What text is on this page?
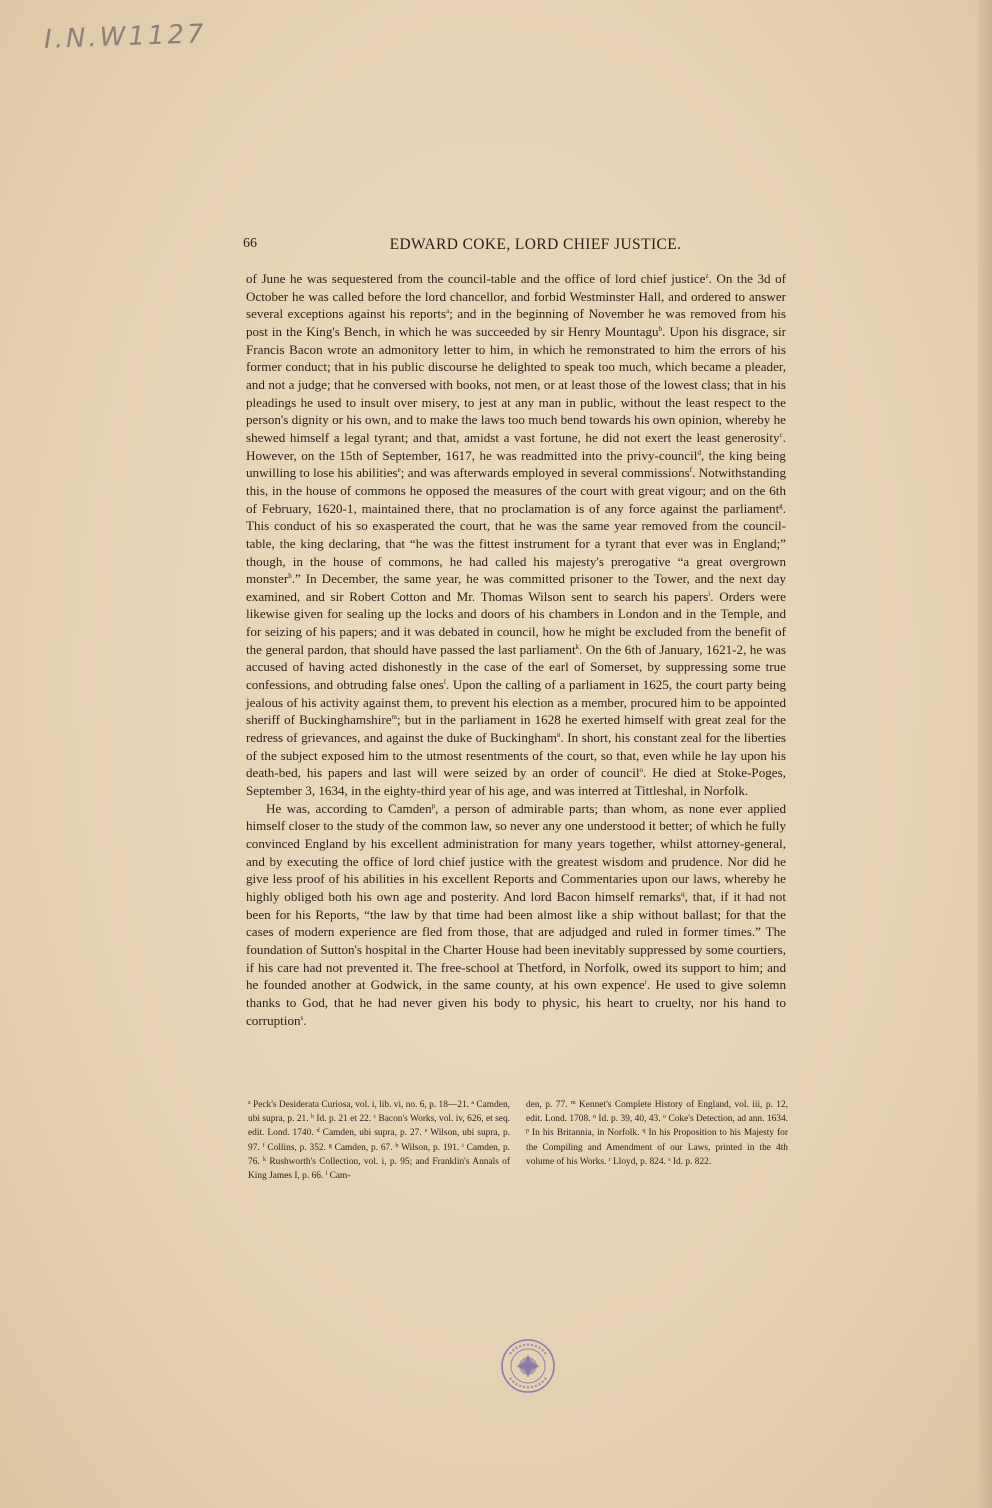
I.N.W1127
66	EDWARD COKE, LORD CHIEF JUSTICE.

of June he was sequestered from the council-table and the office of lord chief justice$^z$. On the 3d of October he was called before the lord chancellor, and forbid Westminster Hall, and ordered to answer several exceptions against his reports$^a$; and in the beginning of November he was removed from his post in the King's Bench, in which he was succeeded by sir Henry Mountagu$^b$. Upon his disgrace, sir Francis Bacon wrote an admonitory letter to him, in which he remonstrated to him the errors of his former conduct; that in his public discourse he delighted to speak too much, which became a pleader, and not a judge; that he conversed with books, not men, or at least those of the lowest class; that in his pleadings he used to insult over misery, to jest at any man in public, without the least respect to the person's dignity or his own, and to make the laws too much bend towards his own opinion, whereby he shewed himself a legal tyrant; and that, amidst a vast fortune, he did not exert the least generosity$^c$. However, on the 15th of September, 1617, he was readmitted into the privy-council$^d$, the king being unwilling to lose his abilities$^e$; and was afterwards employed in several commissions$^f$. Notwithstanding this, in the house of commons he opposed the measures of the court with great vigour; and on the 6th of February, 1620-1, maintained there, that no proclamation is of any force against the parliament$^g$. This conduct of his so exasperated the court, that he was the same year removed from the council-table, the king declaring, that “he was the fittest instrument for a tyrant that ever was in England;” though, in the house of commons, he had called his majesty's prerogative “a great overgrown monster$^h$.” In December, the same year, he was committed prisoner to the Tower, and the next day examined, and sir Robert Cotton and Mr. Thomas Wilson sent to search his papers$^i$. Orders were likewise given for sealing up the locks and doors of his chambers in London and in the Temple, and for seizing of his papers; and it was debated in council, how he might be excluded from the benefit of the general pardon, that should have passed the last parliament$^k$. On the 6th of January, 1621-2, he was accused of having acted dishonestly in the case of the earl of Somerset, by suppressing some true confessions, and obtruding false ones$^l$. Upon the calling of a parliament in 1625, the court party being jealous of his activity against them, to prevent his election as a member, procured him to be appointed sheriff of Buckinghamshire$^m$; but in the parliament in 1628 he exerted himself with great zeal for the redress of grievances, and against the duke of Buckingham$^n$. In short, his constant zeal for the liberties of the subject exposed him to the utmost resentments of the court, so that, even while he lay upon his death-bed, his papers and last will were seized by an order of council$^o$. He died at Stoke-Poges, September 3, 1634, in the eighty-third year of his age, and was interred at Tittleshal, in Norfolk.

He was, according to Camden$^p$, a person of admirable parts; than whom, as none ever applied himself closer to the study of the common law, so never any one understood it better; of which he fully convinced England by his excellent administration for many years together, whilst attorney-general, and by executing the office of lord chief justice with the greatest wisdom and prudence. Nor did he give less proof of his abilities in his excellent Reports and Commentaries upon our laws, whereby he highly obliged both his own age and posterity. And lord Bacon himself remarks$^q$, that, if it had not been for his Reports, “the law by that time had been almost like a ship without ballast; for that the cases of modern experience are fled from those, that are adjudged and ruled in former times.” The foundation of Sutton's hospital in the Charter House had been inevitably suppressed by some courtiers, if his care had not prevented it. The free-school at Thetford, in Norfolk, owed its support to him; and he founded another at Godwick, in the same county, at his own expence$^r$. He used to give solemn thanks to God, that he had never given his body to physic, his heart to cruelty, nor his hand to corruption$^s$.

$^z$ Peck's Desiderata Curiosa, vol. i, lib. vi, no. 6, p. 18—21. $^a$ Camden, ubi supra, p. 21. $^b$ Id. p. 21 et 22. $^c$ Bacon's Works, vol. iv, 626, et seq. edit. Lond. 1740. $^d$ Camden, ubi supra, p. 27. $^e$ Wilson, ubi supra, p. 97. $^f$ Collins, p. 352. $^g$ Camden, p. 67. $^h$ Wilson, p. 191. $^i$ Camden, p. 76. $^k$ Rushworth's Collection, vol. i, p. 95; and Franklin's Annals of King James I, p. 66. $^l$ Cam-
den, p. 77. $^m$ Kennet's Complete History of England, vol. iii, p. 12, edit. Lond. 1708. $^n$ Id. p. 39, 40, 43. $^o$ Coke's Detection, ad ann. 1634. $^p$ In his Britannia, in Norfolk. $^q$ In his Proposition to his Majesty for the Compiling and Amendment of our Laws, printed in the 4th volume of his Works. $^r$ Lloyd, p. 824. $^s$ Id. p. 822.
